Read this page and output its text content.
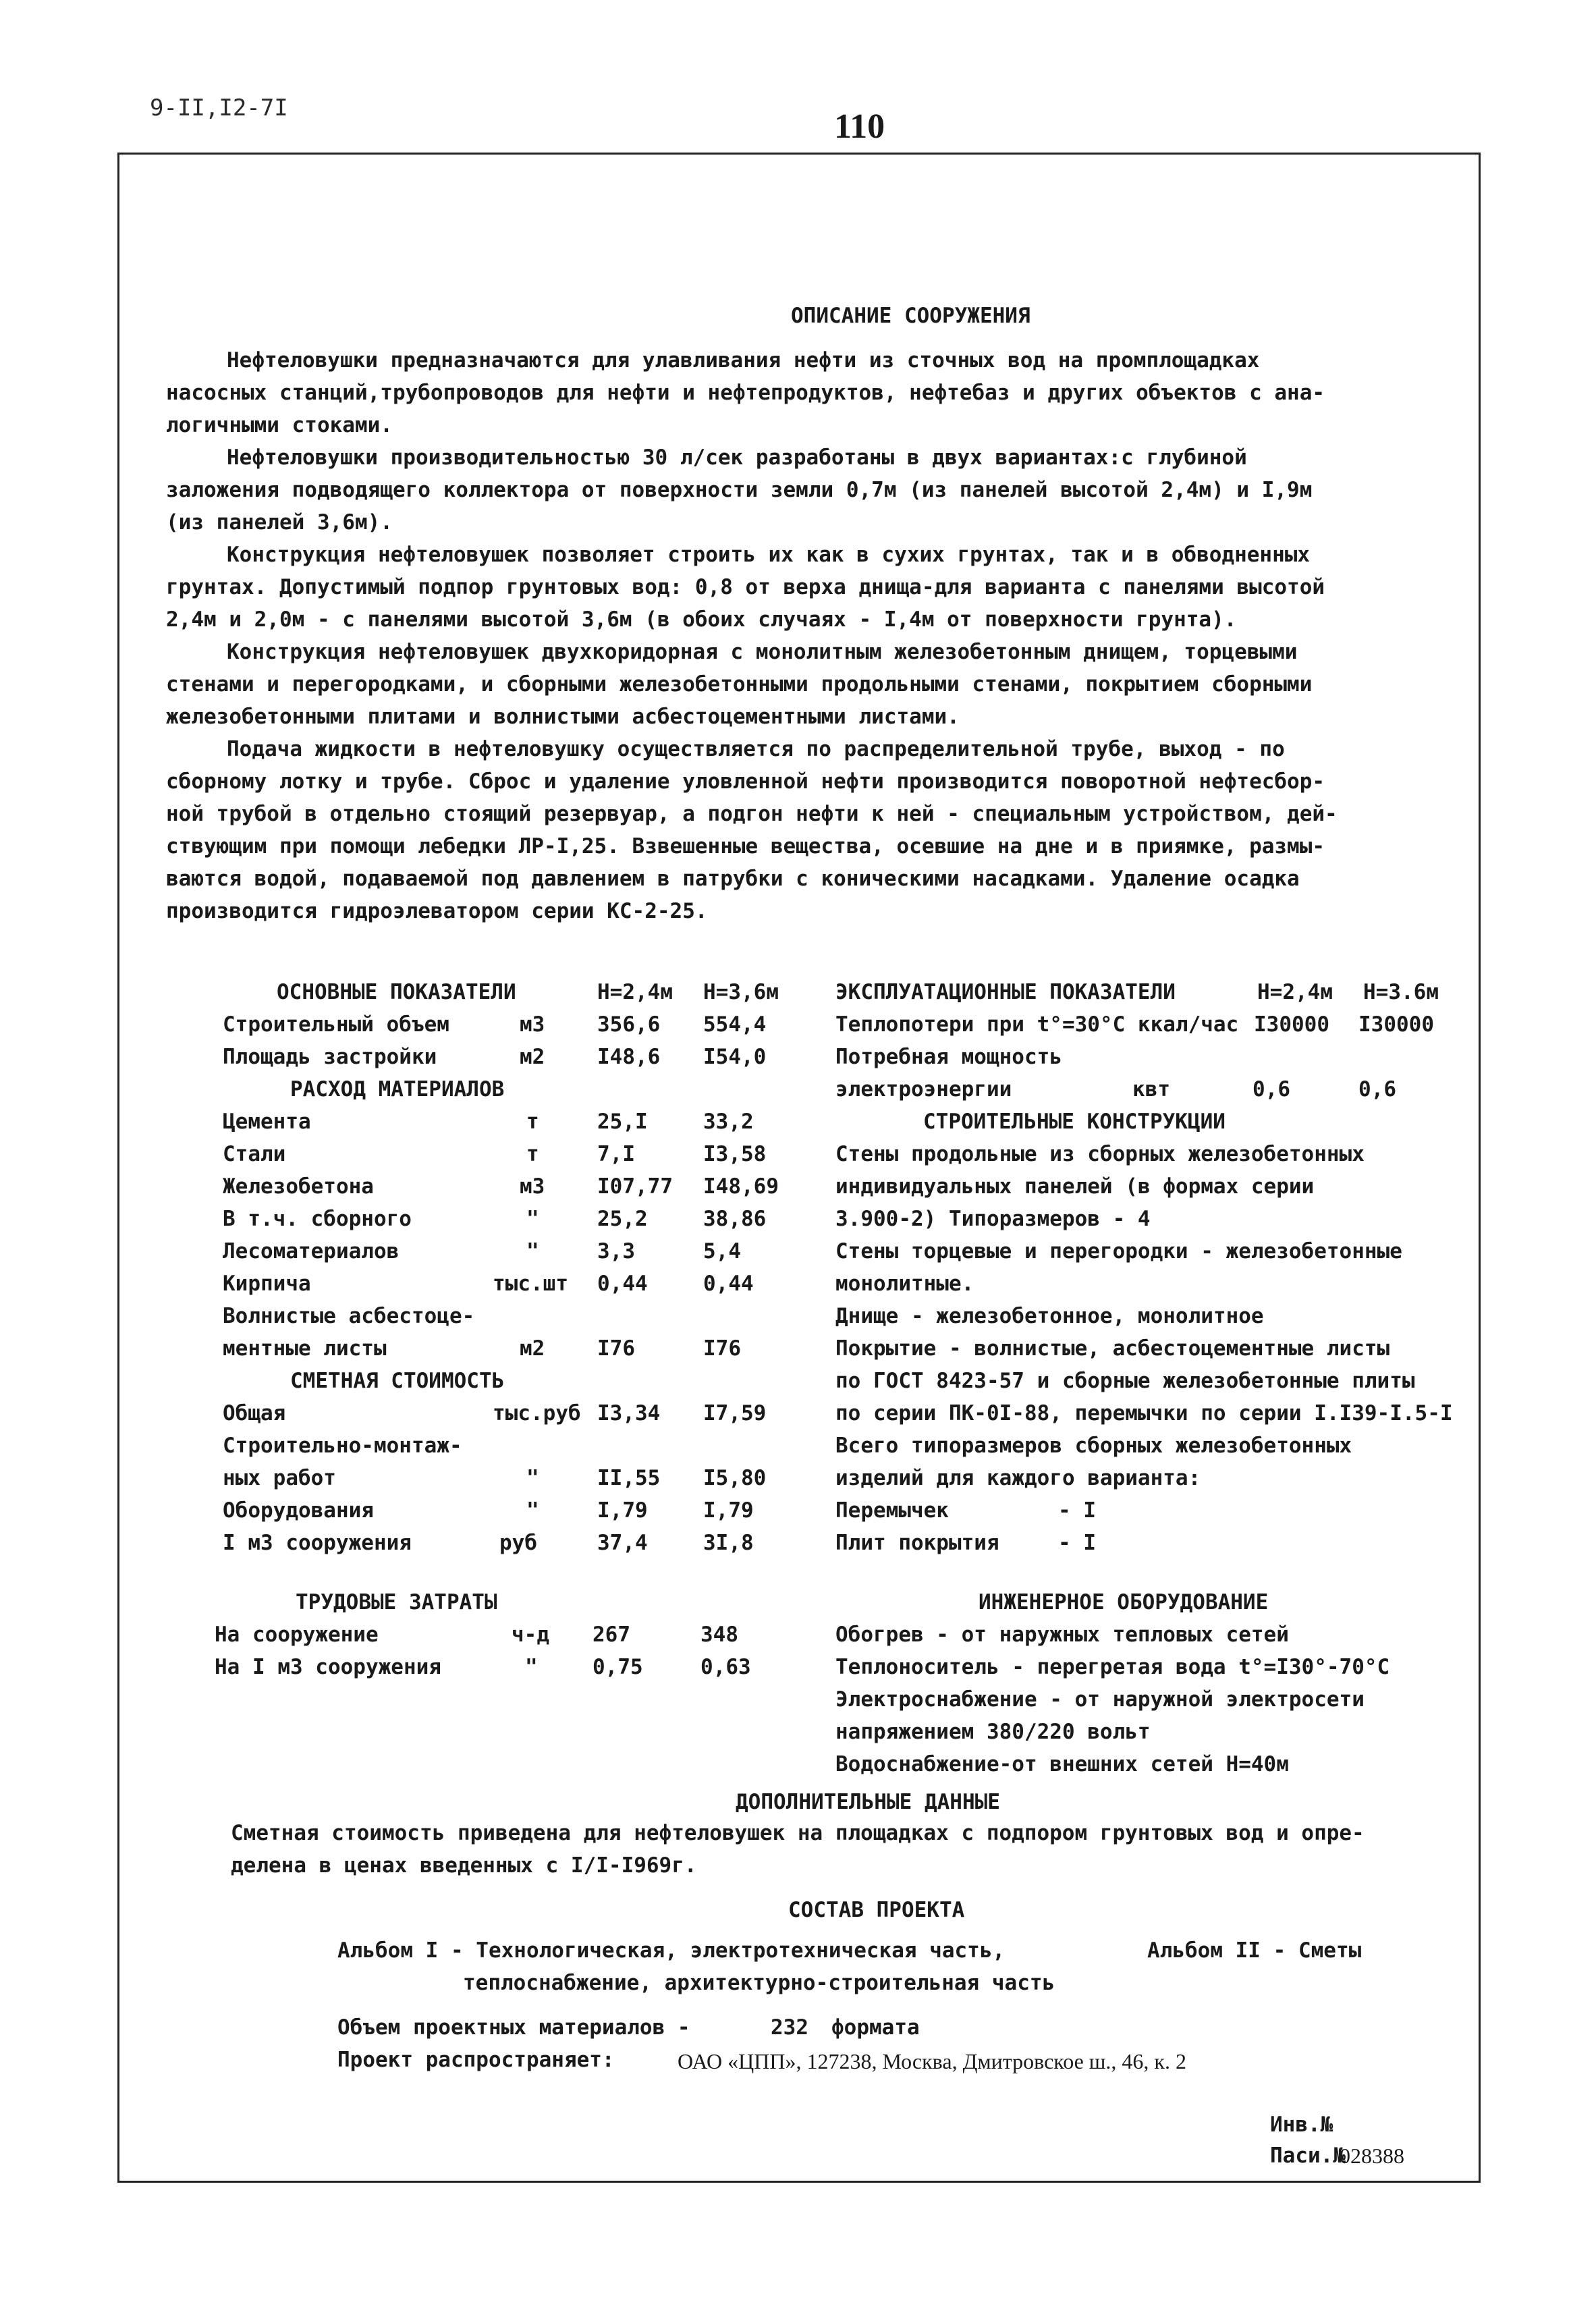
9-II,I2-7I	110
ОПИСАНИЕ СООРУЖЕНИЯ
Нефтеловушки предназначаются для улавливания нефти из сточных вод на промплощадках
насосных станций,трубопроводов для нефти и нефтепродуктов, нефтебаз и других объектов с ана-
логичными стоками.
Нефтеловушки производительностью 30 л/сек разработаны в двух вариантах:с глубиной
заложения подводящего коллектора от поверхности земли 0,7м (из панелей высотой 2,4м) и I,9м
(из панелей 3,6м).
Конструкция нефтеловушек позволяет строить их как в сухих грунтах, так и в обводненных
грунтах. Допустимый подпор грунтовых вод: 0,8 от верха днища-для варианта с панелями высотой
2,4м и 2,0м - с панелями высотой 3,6м (в обоих случаях - I,4м от поверхности грунта).
Конструкция нефтеловушек двухкоридорная с монолитным железобетонным днищем, торцевыми
стенами и перегородками, и сборными железобетонными продольными стенами, покрытием сборными
железобетонными плитами и волнистыми асбестоцементными листами.
Подача жидкости в нефтеловушку осуществляется по распределительной трубе, выход - по
сборному лотку и трубе. Сброс и удаление уловленной нефти производится поворотной нефтесбор-
ной трубой в отдельно стоящий резервуар, а подгон нефти к ней - специальным устройством, дей-
ствующим при помощи лебедки ЛР-I,25. Взвешенные вещества, осевшие на дне и в приямке, размы-
ваются водой, подаваемой под давлением в патрубки с коническими насадками. Удаление осадка
производится гидроэлеватором серии КС-2-25.
ОСНОВНЫЕ ПОКАЗАТЕЛИ	Н=2,4м Н=3,6м
Строительный объем	м3	356,6 554,4
Площадь застройки	м2	I48,6 I54,0
РАСХОД МАТЕРИАЛОВ
Цемента	т	25,I	33,2
Стали	т	7,I	I3,58
Железобетона	м3	I07,77 I48,69
В т.ч. сборного	"	25,2	38,86
Лесоматериалов	"	3,3	5,4
Кирпича	тыс.шт 0,44	0,44
Волнистые асбестоце-
ментные листы	м2	I76	I76
СМЕТНАЯ СТОИМОСТЬ
Общая	тыс.руб I3,34 I7,59
Строительно-монтаж-
ных работ	"	II,55 I5,80
Оборудования	"	I,79	I,79
I м3 сооружения	руб	37,4	3I,8
ЭКСПЛУАТАЦИОННЫЕ ПОКАЗАТЕЛИ	Н=2,4м Н=3.6м
Теплопотери при t°=30°С ккал/час I30000 I30000
Потребная мощность
электроэнергии	квт	0,6	0,6
СТРОИТЕЛЬНЫЕ КОНСТРУКЦИИ
Стены продольные из сборных железобетонных
индивидуальных панелей (в формах серии
3.900-2) Типоразмеров - 4
Стены торцевые и перегородки - железобетонные
монолитные.
Днище - железобетонное, монолитное
Покрытие - волнистые, асбестоцементные листы
по ГОСТ 8423-57 и сборные железобетонные плиты
по серии ПК-0I-88, перемычки по серии I.I39-I.5-I
Всего типоразмеров сборных железобетонных
изделий для каждого варианта:
Перемычек	- I
Плит покрытия	- I
ТРУДОВЫЕ ЗАТРАТЫ
На сооружение	ч-д 267	348
На I м3 сооружения	"	0,75	0,63
ИНЖЕНЕРНОЕ ОБОРУДОВАНИЕ
Обогрев - от наружных тепловых сетей
Теплоноситель - перегретая вода t°=I30°-70°С
Электроснабжение - от наружной электросети
напряжением 380/220 вольт
Водоснабжение-от внешних сетей Н=40м
ДОПОЛНИТЕЛЬНЫЕ ДАННЫЕ
Сметная стоимость приведена для нефтеловушек на площадках с подпором грунтовых вод и опре-
делена в ценах введенных с I/I-I969г.
СОСТАВ ПРОЕКТА
Альбом I - Технологическая, электротехническая часть,	Альбом II - Сметы
теплоснабжение, архитектурно-строительная часть
Объем проектных материалов -	232 формата
Проект распространяет:	ОАО «ЦПП», 127238, Москва, Дмитровское ш., 46, к. 2
Инв.№
Паси.№
028388
